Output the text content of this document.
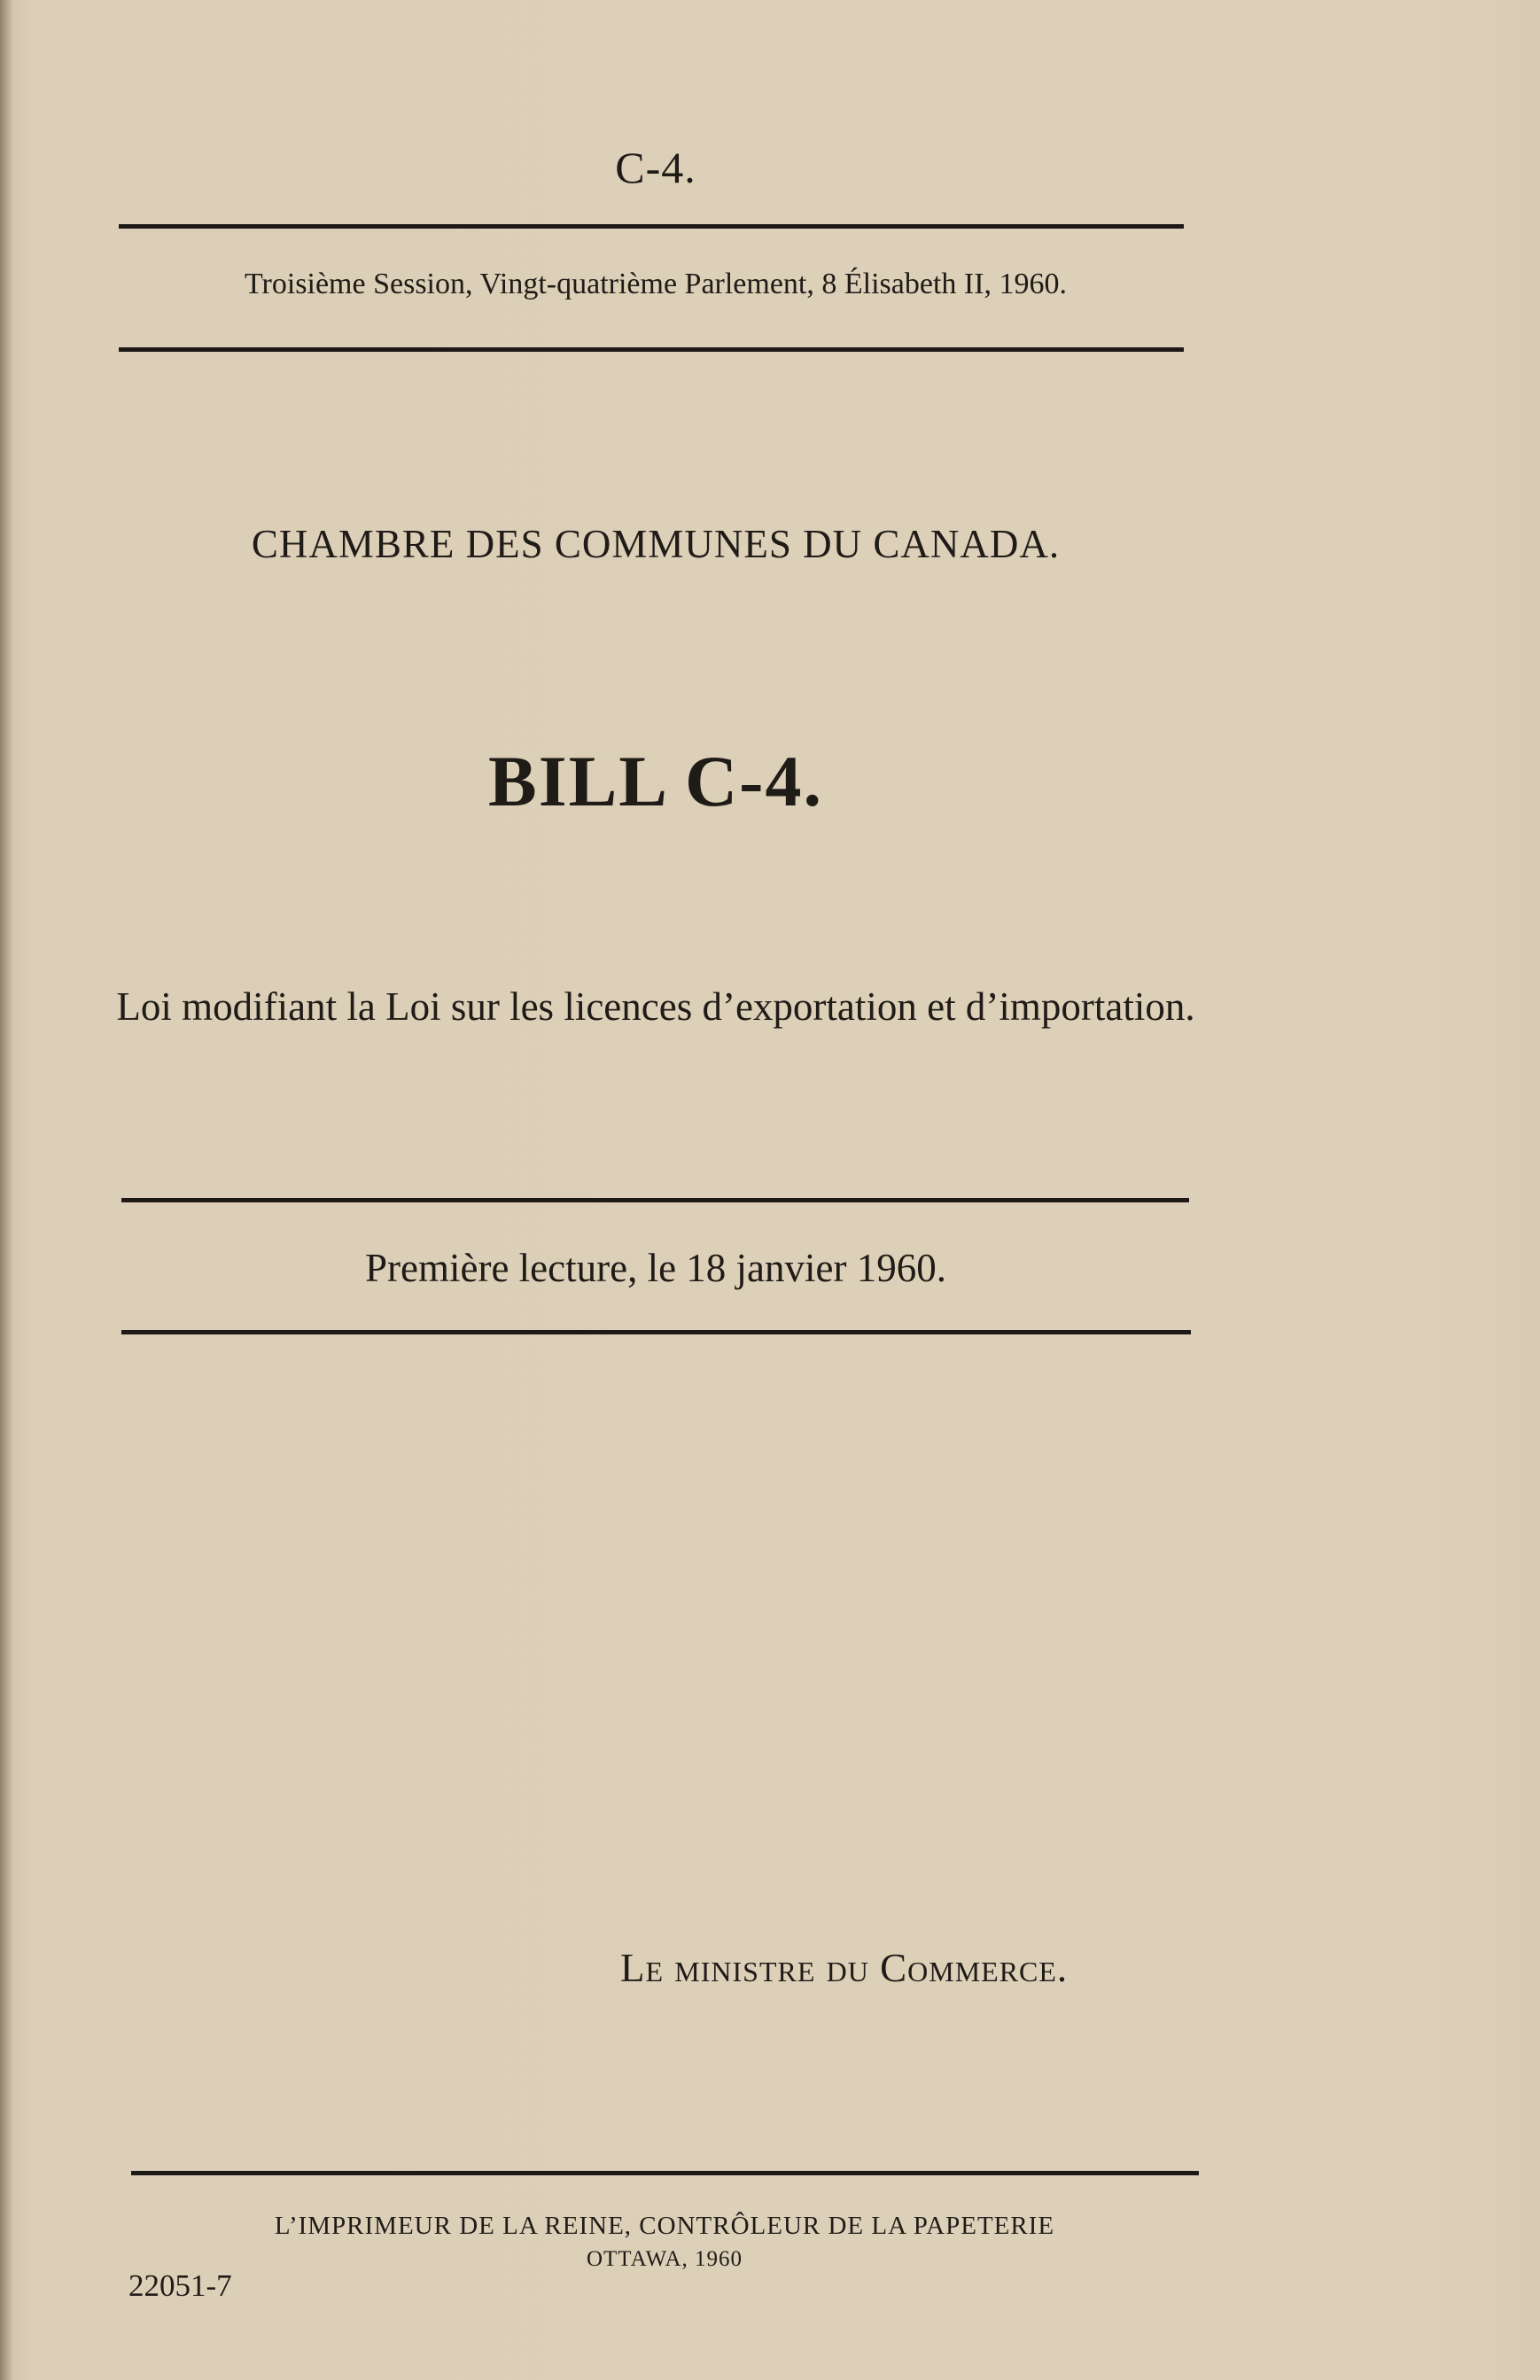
C-4.
Troisième Session, Vingt-quatrième Parlement, 8 Élisabeth II, 1960.
CHAMBRE DES COMMUNES DU CANADA.
BILL C-4.
Loi modifiant la Loi sur les licences d’exportation et d’importation.
Première lecture, le 18 janvier 1960.
Le ministre du Commerce.
L’IMPRIMEUR DE LA REINE, CONTRÔLEUR DE LA PAPETERIE
OTTAWA, 1960
22051-7
